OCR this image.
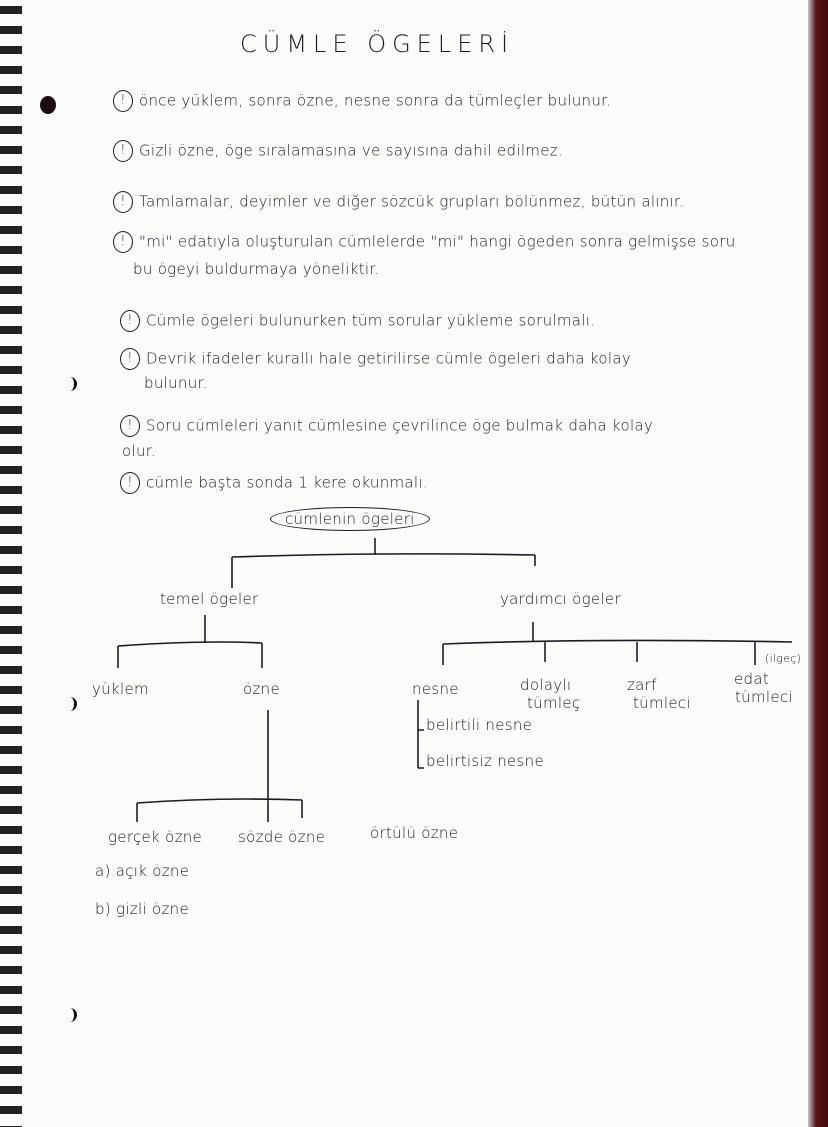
CÜMLE ÖGELERİ
! önce yüklem, sonra özne, nesne sonra da tümleçler bulunur.
! Gizli özne, öge sıralamasına ve sayısına dahil edilmez.
! Tamlamalar, deyimler ve diğer sözcük grupları bölünmez, bütün alınır.
! "mi" edatıyla oluşturulan cümlelerde "mi" hangi ögeden sonra gelmişse soru
bu ögeyi buldurmaya yöneliktir.
! Cümle ögeleri bulunurken tüm sorular yükleme sorulmalı.
! Devrik ifadeler kurallı hale getirilirse cümle ögeleri daha kolay
bulunur.
! Soru cümleleri yanıt cümlesine çevrilince öge bulmak daha kolay
olur.
! cümle başta sonda 1 kere okunmalı.
cümlenin ögeleri
temel ögeler	yardımcı ögeler
yüklem	özne	nesne	dolaylı
tümleç
zarf
tümleci
edat
(ilgeç)
tümleci
belirtili nesne
belirtisiz nesne
gerçek özne sözde özne	örtülü özne
a) açık özne
b) gizli özne
